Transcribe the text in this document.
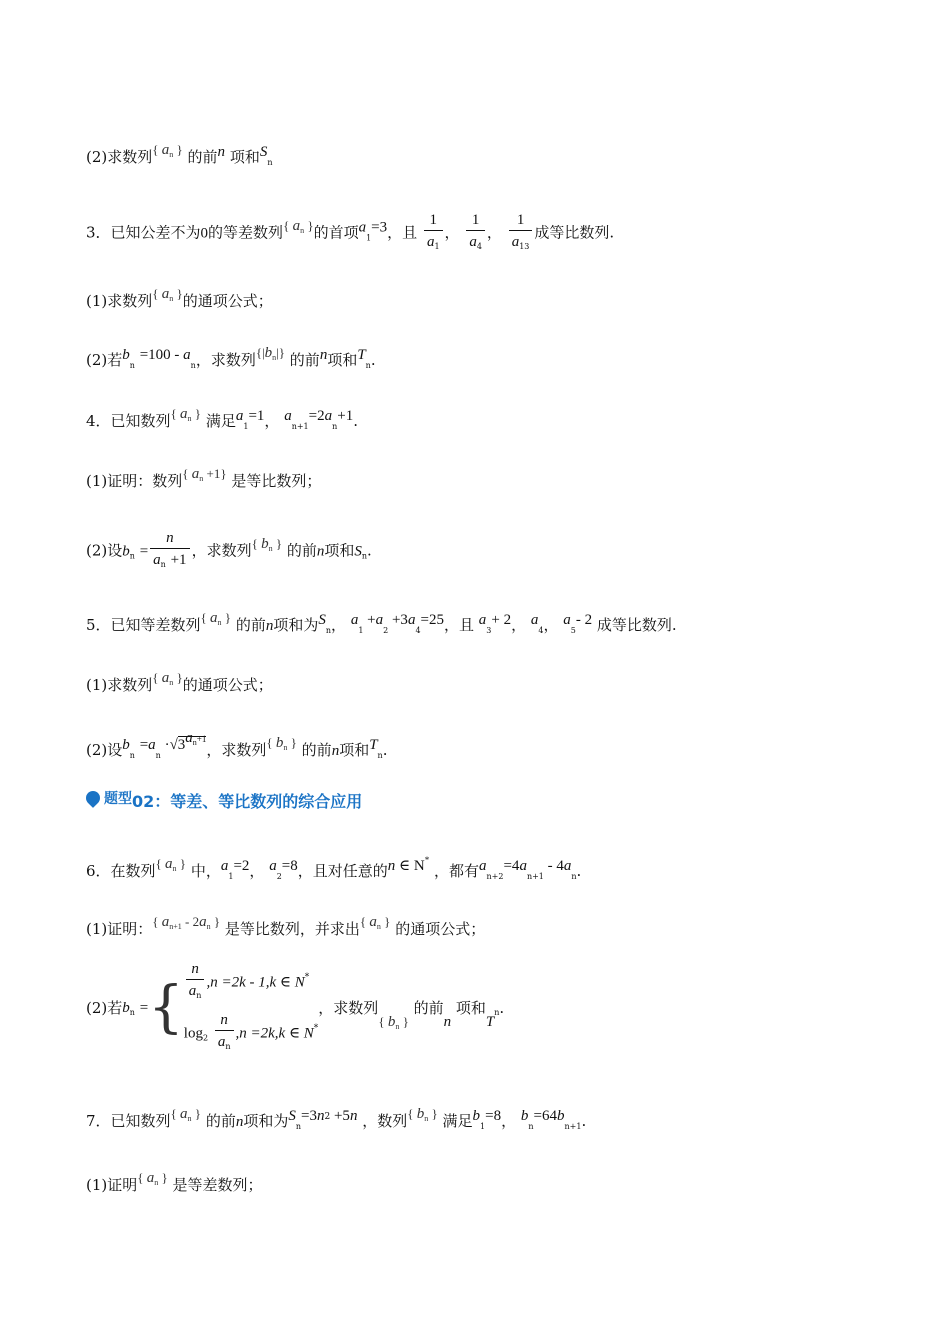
(2)求数列{ $a_n$ } 的前n 项和$S_n$
3．已知公差不为0的等差数列{ $a_n$ }的首项$a_1=3$，且 $\frac{1}{a_1}$ ， $\frac{1}{a_4}$ ， $\frac{1}{a_{13}}$ 成等比数列.
(1)求数列{ $a_n$ }的通项公式；
(2)若$b_n =100 - a_n$，求数列$\{|b_n|\}$ 的前n项和$T_n$.
4．已知数列{ $a_n$ } 满足$a_1=1$， $a_{n+1}=2a_n+1$.
(1)证明：数列{ $a_n +1$} 是等比数列；
(2)设$b_n = \frac{n}{a_n +1}$ ，求数列{ $b_n$ } 的前n项和$S_n$.
5．已知等差数列{ $a_n$ } 的前n项和为$S_n$， $a_1 +a_2 +3a_4=25$，且 $a_3+ 2$， $a_4$， $a_5-$ 2 成等比数列.
(1)求数列{ $a_n$ }的通项公式；
(2)设$b_n =a_n \cdot√3^{a_n+1}$，求数列{ $b_n$ } 的前n项和$T_n$.
题型02：等差、等比数列的综合应用
6．在数列{ $a_n$ } 中，$a_1=2$， $a_2=8$，且对任意的n ∈ N* ，都有$a_{n+2}=4a_{n+1} - 4a_n$.
(1)证明：{ $a_{n+1} - 2a_n$ } 是等比数列，并求出{ $a_n$ } 的通项公式；
(2)若$b_n$ ={ $\frac{n}{a_n} ,n =2k - 1,k$ ∈ N*
$\log_2 \frac{n}{a_n} ,n =2k,k$ ∈ N*
，求数列{ $b_n$ } 的前n 项和$T_n$.
7．已知数列{ $a_n$ } 的前n项和为$S_n=3n^2 +5n$ ，数列{ $b_n$ } 满足$b_1=8$， $b_n=64b_{n+1}$.
(1)证明{ $a_n$ } 是等差数列；
